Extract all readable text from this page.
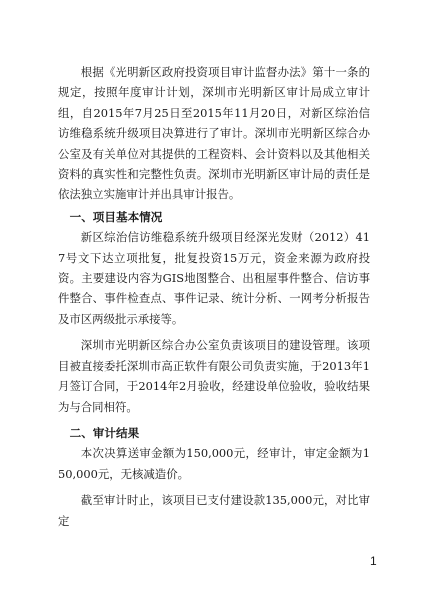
根据《光明新区政府投资项目审计监督办法》第十一条的规定，按照年度审计计划，深圳市光明新区审计局成立审计组，自2015年7月25日至2015年11月20日，对新区综治信访维稳系统升级项目决算进行了审计。深圳市光明新区综合办公室及有关单位对其提供的工程资料、会计资料以及其他相关资料的真实性和完整性负责。深圳市光明新区审计局的责任是依法独立实施审计并出具审计报告。

一、项目基本情况

新区综治信访维稳系统升级项目经深光发财（2012）417号文下达立项批复，批复投资15万元，资金来源为政府投资。主要建设内容为GIS地图整合、出租屋事件整合、信访事件整合、事件检查点、事件记录、统计分析、一网考分析报告及市区两级批示承接等。

深圳市光明新区综合办公室负责该项目的建设管理。该项目被直接委托深圳市高正软件有限公司负责实施，于2013年1月签订合同，于2014年2月验收，经建设单位验收，验收结果为与合同相符。

二、审计结果

本次决算送审金额为150,000元，经审计，审定金额为150,000元，无核减造价。

截至审计时止，该项目已支付建设款135,000元，对比审定

1
